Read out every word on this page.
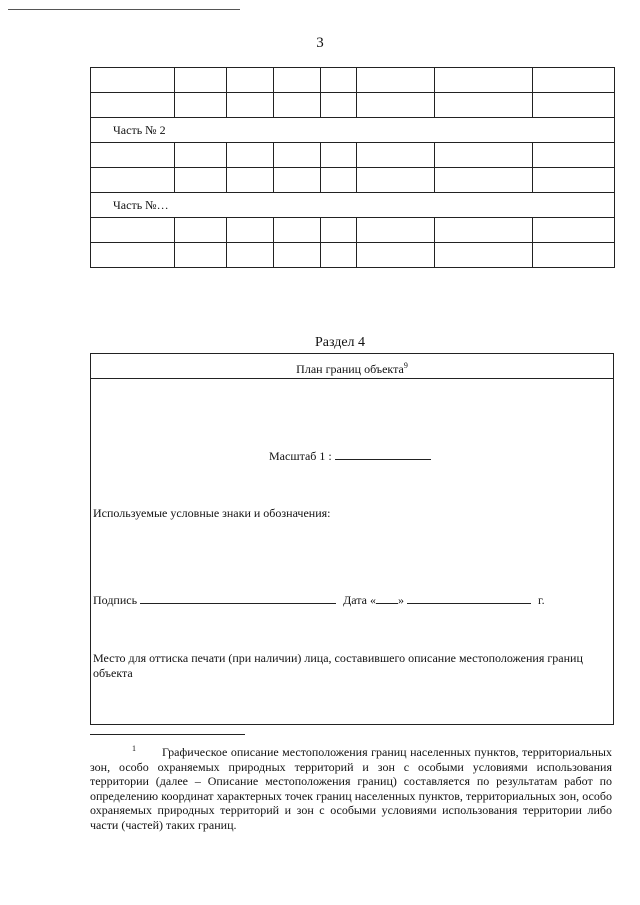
3

Часть № 2							

Часть №…							

Раздел 4
План границ объекта$^9$
Масштаб 1 :
Используемые условные знаки и обозначения:
Подпись	Дата « »	г.
Место для оттиска печати (при наличии) лица, составившего описание местоположения границ объекта
$^1$ Графическое описание местоположения границ населенных пунктов, территориальных зон, особо охраняемых природных территорий и зон с особыми условиями использования территории (далее – Описание местоположения границ) составляется по результатам работ по определению координат характерных точек границ населенных пунктов, территориальных зон, особо охраняемых природных территорий и зон с особыми условиями использования территории либо части (частей) таких границ.
